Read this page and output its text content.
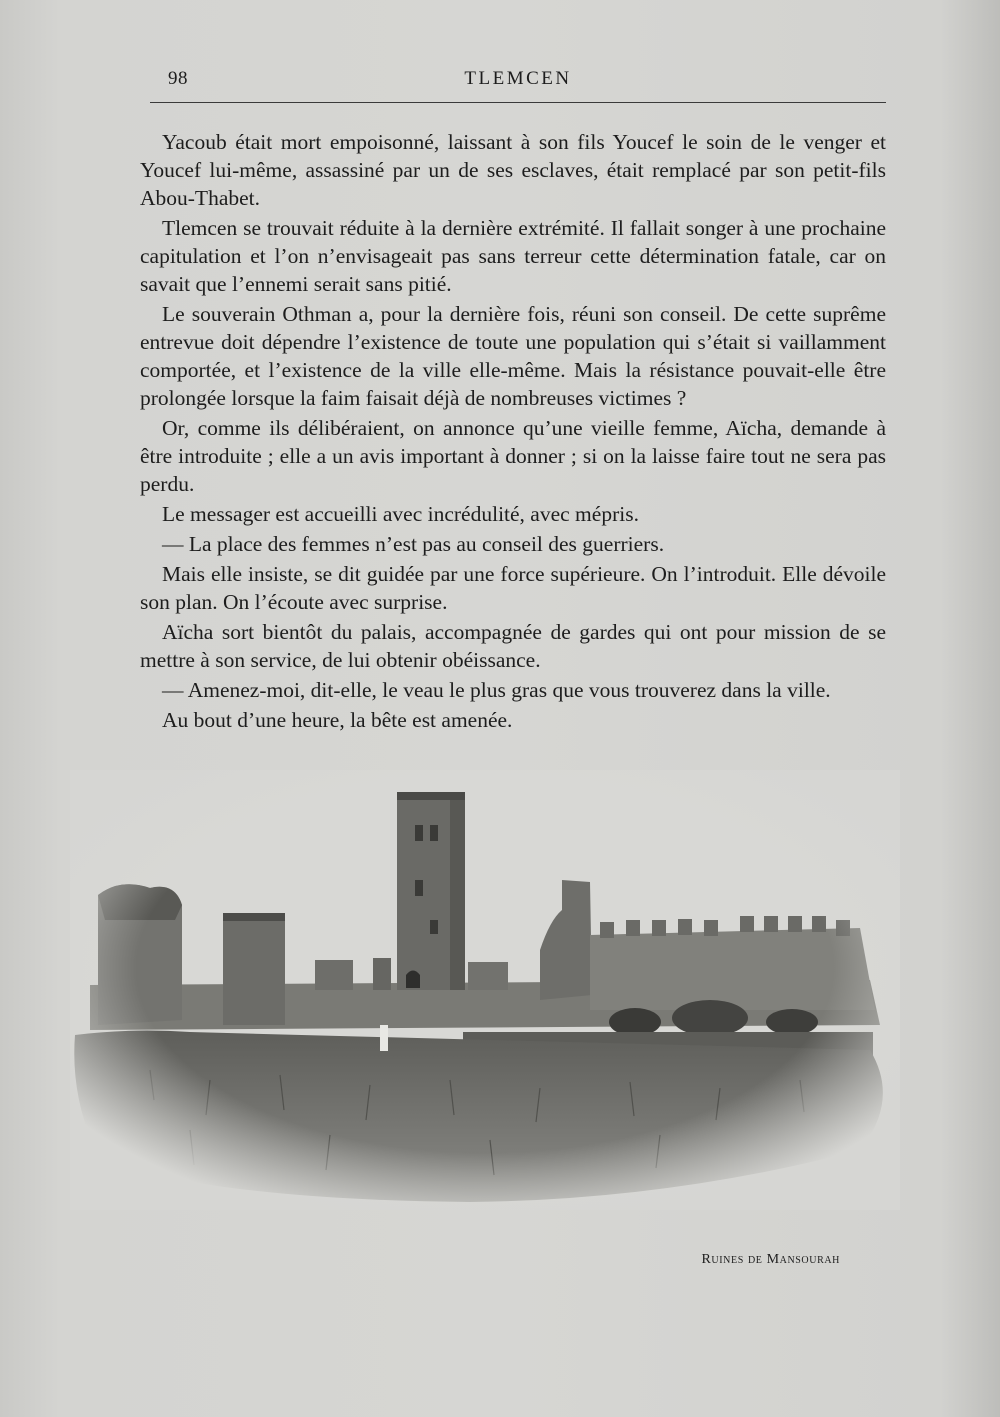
98	TLEMCEN

Yacoub était mort empoisonné, laissant à son fils Youcef le soin de le venger et Youcef lui-même, assassiné par un de ses esclaves, était remplacé par son petit-fils Abou-Thabet.

Tlemcen se trouvait réduite à la dernière extrémité. Il fallait songer à une prochaine capitulation et l’on n’envisageait pas sans terreur cette détermination fatale, car on savait que l’ennemi serait sans pitié.

Le souverain Othman a, pour la dernière fois, réuni son conseil. De cette suprême entrevue doit dépendre l’existence de toute une population qui s’était si vaillamment comportée, et l’existence de la ville elle-même. Mais la résistance pouvait-elle être prolongée lorsque la faim faisait déjà de nombreuses victimes ?

Or, comme ils délibéraient, on annonce qu’une vieille femme, Aïcha, demande à être introduite ; elle a un avis important à donner ; si on la laisse faire tout ne sera pas perdu.

Le messager est accueilli avec incrédulité, avec mépris.

— La place des femmes n’est pas au conseil des guerriers.

Mais elle insiste, se dit guidée par une force supérieure. On l’introduit. Elle dévoile son plan. On l’écoute avec surprise.

Aïcha sort bientôt du palais, accompagnée de gardes qui ont pour mission de se mettre à son service, de lui obtenir obéissance.

— Amenez-moi, dit-elle, le veau le plus gras que vous trouverez dans la ville.

Au bout d’une heure, la bête est amenée.

Ruines de Mansourah
